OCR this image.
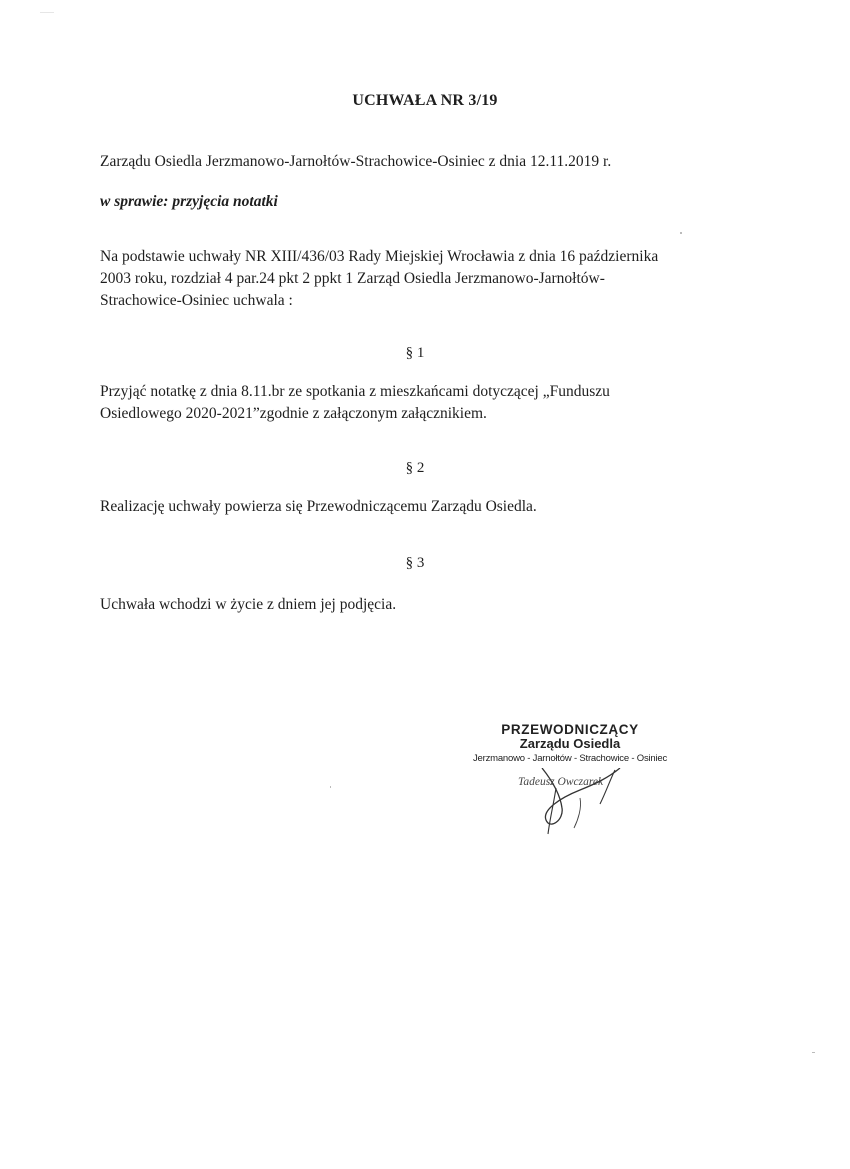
UCHWAŁA NR 3/19
Zarządu Osiedla Jerzmanowo-Jarnołtów-Strachowice-Osiniec z dnia 12.11.2019 r.
w sprawie: przyjęcia notatki
Na podstawie uchwały NR XIII/436/03 Rady Miejskiej Wrocławia z dnia 16 października
2003 roku, rozdział 4 par.24 pkt 2 ppkt 1 Zarząd Osiedla Jerzmanowo-Jarnołtów-
Strachowice-Osiniec uchwala :
§ 1
Przyjąć notatkę z dnia 8.11.br ze spotkania z mieszkańcami dotyczącej „Funduszu
Osiedlowego 2020-2021”zgodnie z załączonym załącznikiem.
§ 2
Realizację uchwały powierza się Przewodniczącemu Zarządu Osiedla.
§ 3
Uchwała wchodzi w życie z dniem jej podjęcia.
PRZEWODNICZĄCY
Zarządu Osiedla
Jerzmanowo - Jarnołtów - Strachowice - Osiniec
Tadeusz Owczarek
